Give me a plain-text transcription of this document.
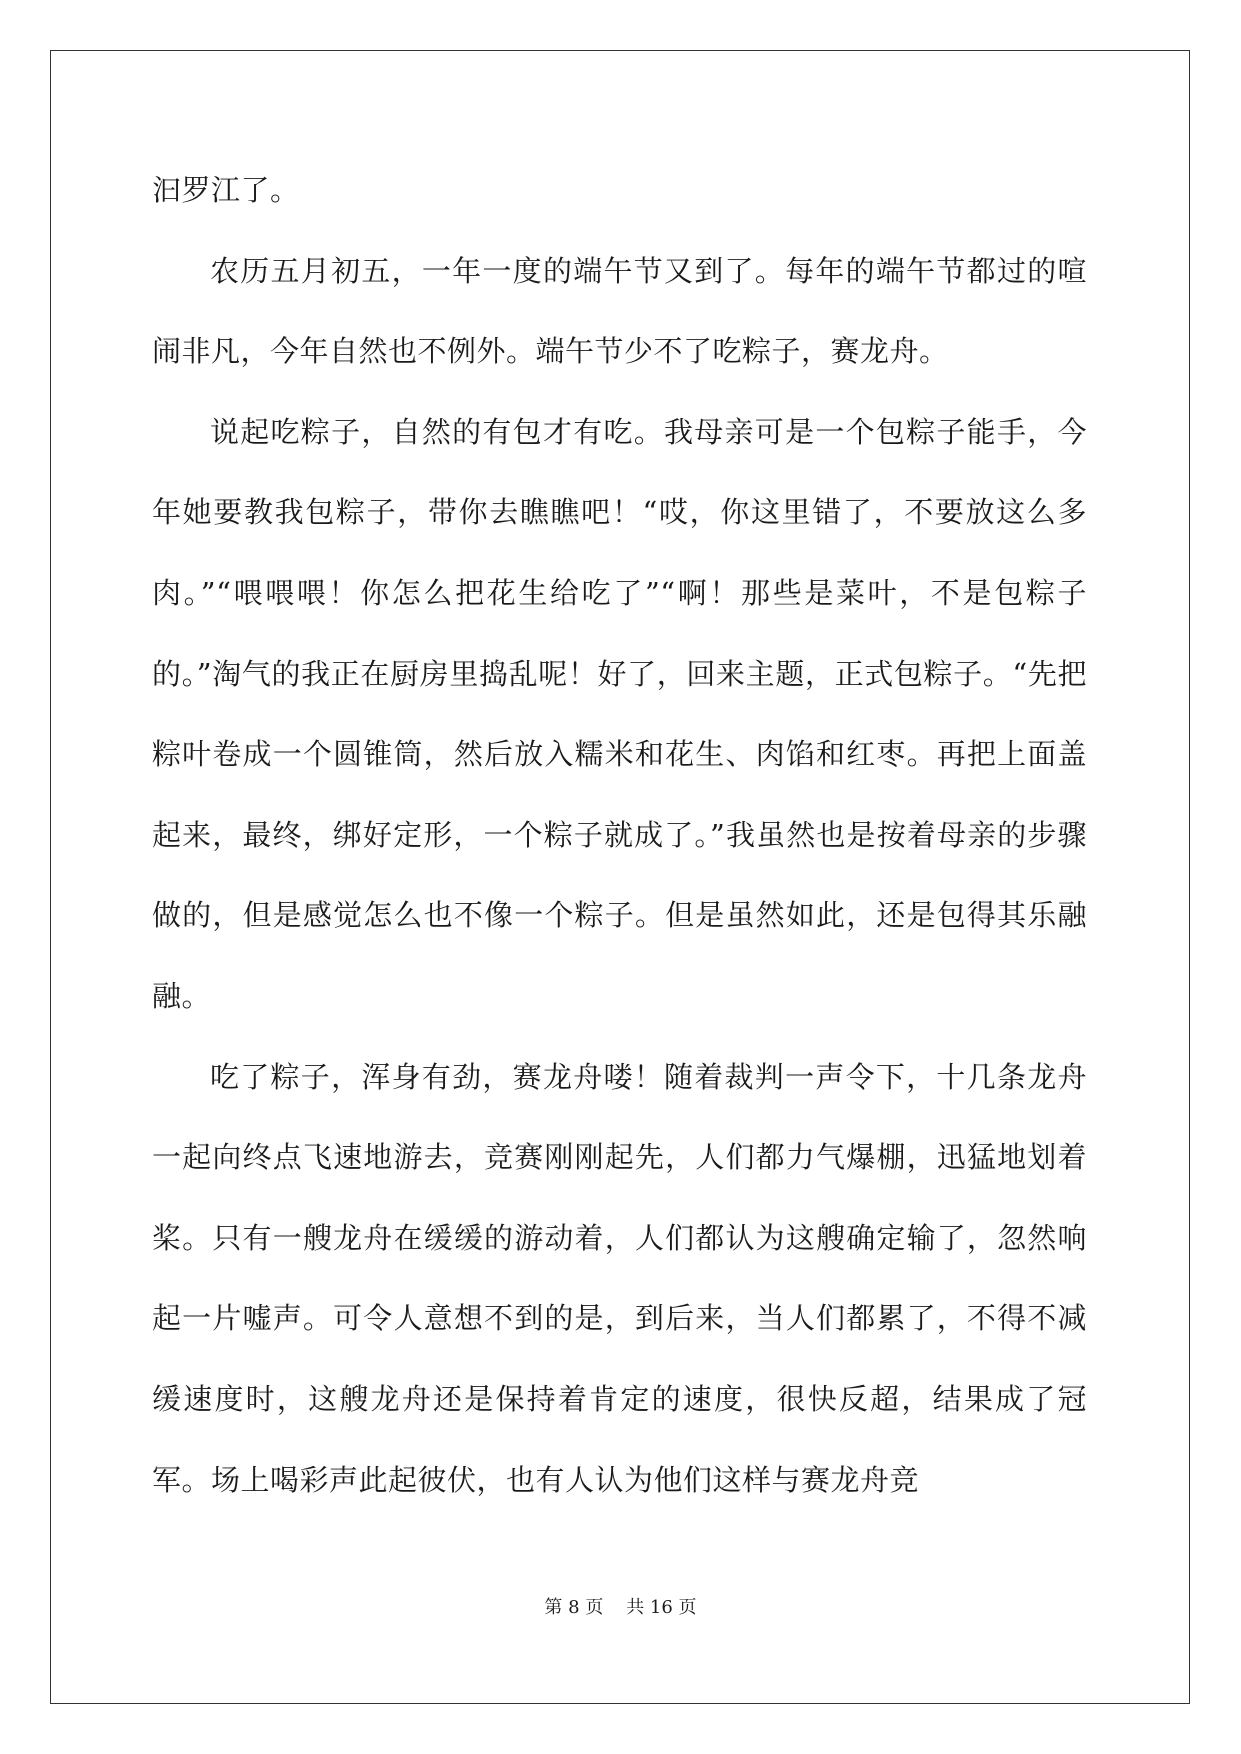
汩罗江了。

农历五月初五，一年一度的端午节又到了。每年的端午节都过的喧闹非凡，今年自然也不例外。端午节少不了吃粽子，赛龙舟。

说起吃粽子，自然的有包才有吃。我母亲可是一个包粽子能手，今年她要教我包粽子，带你去瞧瞧吧！“哎，你这里错了，不要放这么多肉。”“喂喂喂！你怎么把花生给吃了”“啊！那些是菜叶，不是包粽子的。”淘气的我正在厨房里捣乱呢！好了，回来主题，正式包粽子。“先把粽叶卷成一个圆锥筒，然后放入糯米和花生、肉馅和红枣。再把上面盖起来，最终，绑好定形，一个粽子就成了。”我虽然也是按着母亲的步骤做的，但是感觉怎么也不像一个粽子。但是虽然如此，还是包得其乐融融。

吃了粽子，浑身有劲，赛龙舟喽！随着裁判一声令下，十几条龙舟一起向终点飞速地游去，竞赛刚刚起先，人们都力气爆棚，迅猛地划着桨。只有一艘龙舟在缓缓的游动着，人们都认为这艘确定输了，忽然响起一片嘘声。可令人意想不到的是，到后来，当人们都累了，不得不减缓速度时，这艘龙舟还是保持着肯定的速度，很快反超，结果成了冠军。场上喝彩声此起彼伏，也有人认为他们这样与赛龙舟竞

第 8 页    共 16 页
